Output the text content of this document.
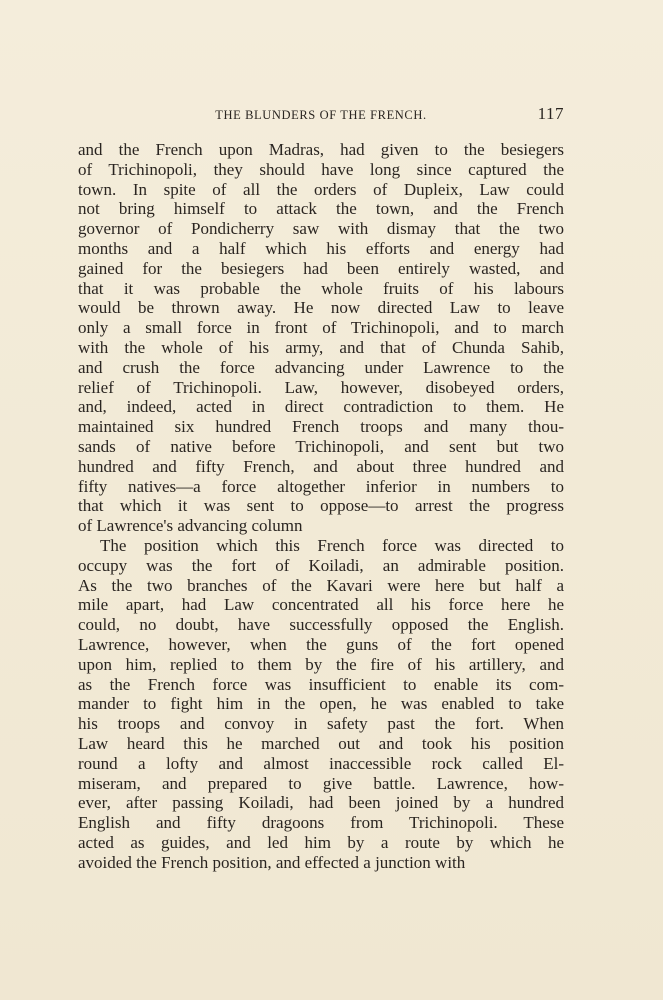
THE BLUNDERS OF THE FRENCH.	117
and the French upon Madras, had given to the besiegers
of Trichinopoli, they should have long since captured the
town. In spite of all the orders of Dupleix, Law could
not bring himself to attack the town, and the French
governor of Pondicherry saw with dismay that the two
months and a half which his efforts and energy had
gained for the besiegers had been entirely wasted, and
that it was probable the whole fruits of his labours
would be thrown away. He now directed Law to leave
only a small force in front of Trichinopoli, and to march
with the whole of his army, and that of Chunda Sahib,
and crush the force advancing under Lawrence to the
relief of Trichinopoli. Law, however, disobeyed orders,
and, indeed, acted in direct contradiction to them. He
maintained six hundred French troops and many thou-
sands of native before Trichinopoli, and sent but two
hundred and fifty French, and about three hundred and
fifty natives—a force altogether inferior in numbers to
that which it was sent to oppose—to arrest the progress
of Lawrence's advancing column
The position which this French force was directed to
occupy was the fort of Koiladi, an admirable position.
As the two branches of the Kavari were here but half a
mile apart, had Law concentrated all his force here he
could, no doubt, have successfully opposed the English.
Lawrence, however, when the guns of the fort opened
upon him, replied to them by the fire of his artillery, and
as the French force was insufficient to enable its com-
mander to fight him in the open, he was enabled to take
his troops and convoy in safety past the fort. When
Law heard this he marched out and took his position
round a lofty and almost inaccessible rock called El-
miseram, and prepared to give battle. Lawrence, how-
ever, after passing Koiladi, had been joined by a hundred
English and fifty dragoons from Trichinopoli. These
acted as guides, and led him by a route by which he
avoided the French position, and effected a junction with
